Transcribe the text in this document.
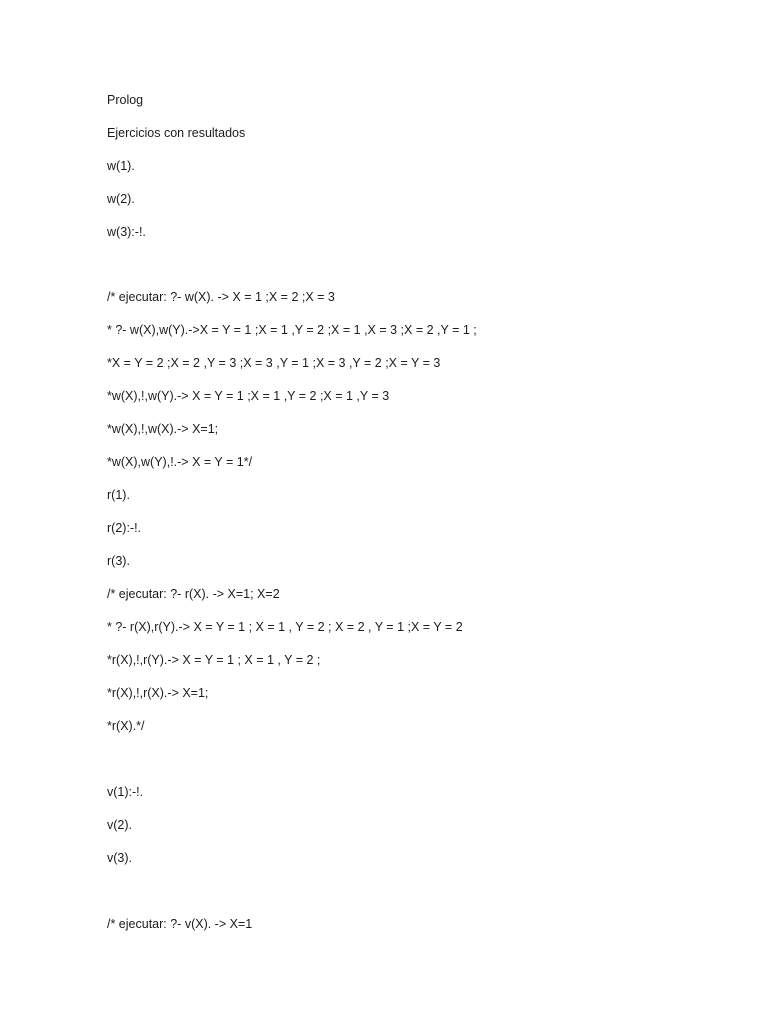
Prolog
Ejercicios con resultados
w(1).
w(2).
w(3):-!.
/* ejecutar: ?- w(X). -> X = 1 ;X = 2 ;X = 3
* ?- w(X),w(Y).->X = Y = 1 ;X = 1 ,Y = 2 ;X = 1 ,X = 3 ;X = 2 ,Y = 1 ;
*X = Y = 2 ;X = 2 ,Y = 3 ;X = 3 ,Y = 1 ;X = 3 ,Y = 2 ;X = Y = 3
*w(X),!,w(Y).-> X = Y = 1 ;X = 1 ,Y = 2 ;X = 1 ,Y = 3
*w(X),!,w(X).-> X=1;
*w(X),w(Y),!.-> X = Y = 1*/
r(1).
r(2):-!.
r(3).
/* ejecutar: ?- r(X). -> X=1; X=2
* ?- r(X),r(Y).-> X = Y = 1 ; X = 1 , Y = 2 ; X = 2 , Y = 1 ;X = Y = 2
*r(X),!,r(Y).-> X = Y = 1 ; X = 1 , Y = 2 ;
*r(X),!,r(X).-> X=1;
*r(X).*/
v(1):-!.
v(2).
v(3).
/* ejecutar: ?- v(X). -> X=1
